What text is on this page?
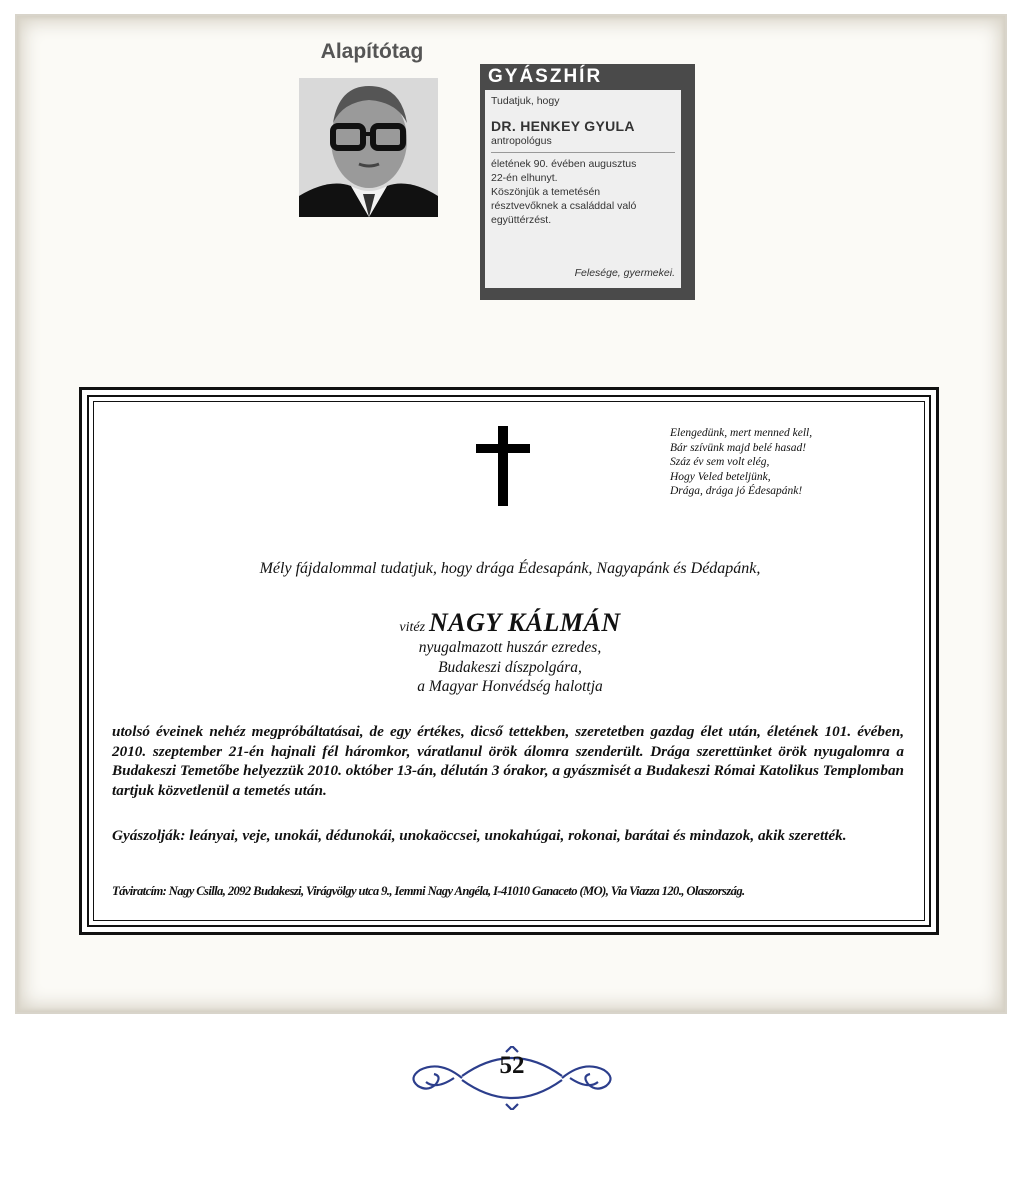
Alapítótag
GYÁSZHÍR
Tudatjuk, hogy
DR. HENKEY GYULA
antropológus
életének 90. évében augusztus
22-én elhunyt.
Köszönjük a temetésén
résztvevőknek a családdal való
együttérzést.
Felesége, gyermekei.
Elengedünk, mert menned kell,
Bár szívünk majd belé hasad!
Száz év sem volt elég,
Hogy Veled beteljünk,
Drága, drága jó Édesapánk!
Mély fájdalommal tudatjuk, hogy drága Édesapánk, Nagyapánk és Dédapánk,
vitéz NAGY KÁLMÁN
nyugalmazott huszár ezredes,
Budakeszi díszpolgára,
a Magyar Honvédség halottja
utolsó éveinek nehéz megpróbáltatásai, de egy értékes, dicső tettekben, szeretetben gazdag élet után, életének 101. évében, 2010. szeptember 21-én hajnali fél háromkor, váratlanul örök álomra szenderült. Drága szerettünket örök nyugalomra a Budakeszi Temetőbe helyezzük 2010. október 13-án, délután 3 órakor, a gyászmisét a Budakeszi Római Katolikus Templomban tartjuk közvetlenül a temetés után.
Gyászolják: leányai, veje, unokái, dédunokái, unokaöccsei, unokahúgai, rokonai, barátai és mindazok, akik szerették.
Táviratcím: Nagy Csilla, 2092 Budakeszi, Virágvölgy utca 9., Iemmi Nagy Angéla, I-41010 Ganaceto (MO), Via Viazza 120., Olaszország.
52
